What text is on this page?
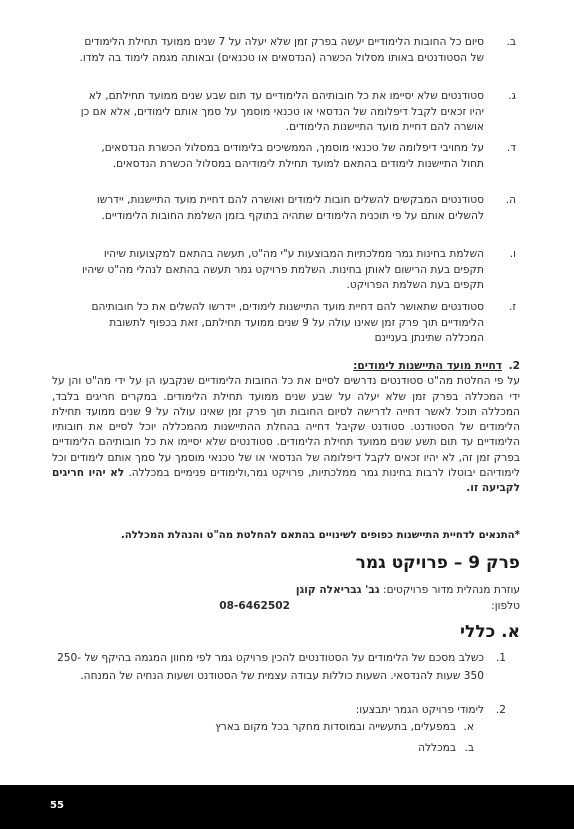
ב.
סיום כל החובות הלימודיים יעשה בפרק זמן שלא יעלה על 7 שנים ממועד תחילת הלימודים של הסטודנטים באותו מסלול הכשרה (הנדסאים או טכנאים) ובאותה מגמה לימוד בה למדו.
ג.
סטודנטים שלא יסיימו את כל חובותיהם הלימודיים עד תום שבע שנים ממועד תחילתם, לא יהיו זכאים לקבל דיפלומה של הנדסאי או טכנאי מוסמך על סמך אותם לימודים, אלא אם כן אושרה להם דחיית מועד התיישנות הלימודים.
ד.
על מחויבי דיפלומה של טכנאי מוסמך, הממשיכים בלימודים במסלול הכשרת הנדסאים, תחול התיישנות לימודים בהתאם למועד תחילת לימודיהם במסלול הכשרת הנדסאים.
ה.
סטודנטים המבקשים להשלים חובות לימודים ואושרה להם דחיית מועד התיישנות, יידרשו להשלים אותם על פי תוכנית הלימודים שתהיה בתוקף בזמן השלמת החובות הלימודיים.
ו.
השלמת בחינות גמר ממלכתיות המבוצעות ע"י מה"ט, תעשה בהתאם למקצועות שיהיו תקפים בעת הרישום לאותן בחינות. השלמת פרויקט גמר תעשה בהתאם לנהלי מה"ט שיהיו תקפים בעת השלמת הפרויקט.
ז.
סטודנטים שתאושר להם דחיית מועד התיישנות לימודים, יידרשו להשלים את כל חובותיהם הלימודיים תוך פרק זמן שאינו עולה על 9 שנים ממועד תחילתם, זאת בכפוף לתשובת המכללה שתינתן בעניינם
2.
דחיית מועד התיישנות לימודים:
על פי החלטת מה"ט סטודנטים נדרשים לסיים את כל החובות הלימודיים שנקבעו הן על ידי מה"ט והן על ידי המכללה בפרק זמן שלא יעלה על שבע שנים ממועד תחילת הלימודים. במקרים חריגים בלבד, המכללה תוכל לאשר דחייה לדרישה לסיום החובות תוך פרק זמן שאינו עולה על 9 שנים ממועד תחילת הלימודים של הסטודנט. סטודנט שקיבל דחייה בהחלת ההתיישנות מהמכללה יוכל לסיים את חובותיו הלימודיים עד תום תשע שנים ממועד תחילת הלימודים. סטודנטים שלא יסיימו את כל חובותיהם הלימודיים בפרק זמן זה, לא יהיו זכאים לקבל דיפלומה של הנדסאי או של טכנאי מוסמך על סמך אותם לימודים וכל לימודיהם יבוטלו לרבות בחינות גמר ממלכתיות, פרויקט גמר,ולימודים פנימיים במכללה. לא יהיו חריגים לקביעה זו.
*התנאים לדחיית התיישנות כפופים לשינויים בהתאם להחלטת מה"ט והנהלת המכללה.
פרק 9 – פרויקט גמר
עוזרת מנהלית מדור פרויקטים: גב' גבריאלה קוגן
טלפון:
08-6462502
א. כללי
1.
כשלב מסכם של הלימודים על הסטודנטים להכין פרויקט גמר לפי מחוון המגמה בהיקף של 250-350 שעות להנדסאי. השעות כוללות עבודה עצמית של הסטודנט ושעות הנחיה של המנחה.
2.
לימודי פרויקט הגמר יתבצעו:
א.
במפעלים, בתעשייה ובמוסדות מחקר בכל מקום בארץ
ב.
במכללה
55
